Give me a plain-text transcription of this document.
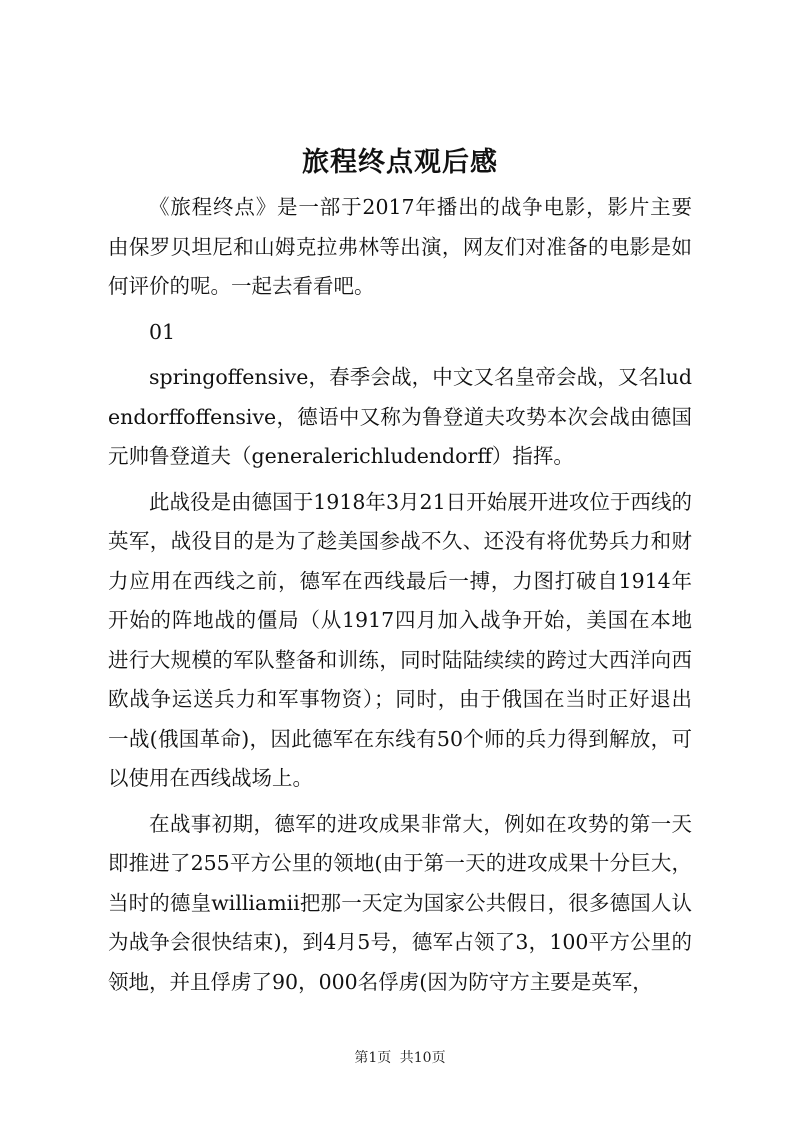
旅程终点观后感

《旅程终点》是一部于2017年播出的战争电影，影片主要由保罗贝坦尼和山姆克拉弗林等出演，网友们对准备的电影是如何评价的呢。一起去看看吧。

01

springoffensive，春季会战，中文又名皇帝会战，又名ludendorffoffensive，德语中又称为鲁登道夫攻势本次会战由德国元帅鲁登道夫（generalerichludendorff）指挥。

此战役是由德国于1918年3月21日开始展开进攻位于西线的英军，战役目的是为了趁美国参战不久、还没有将优势兵力和财力应用在西线之前，德军在西线最后一搏，力图打破自1914年开始的阵地战的僵局（从1917四月加入战争开始，美国在本地进行大规模的军队整备和训练，同时陆陆续续的跨过大西洋向西欧战争运送兵力和军事物资）；同时，由于俄国在当时正好退出一战(俄国革命)，因此德军在东线有50个师的兵力得到解放，可以使用在西线战场上。

在战事初期，德军的进攻成果非常大，例如在攻势的第一天即推进了255平方公里的领地(由于第一天的进攻成果十分巨大，当时的德皇williamii把那一天定为国家公共假日，很多德国人认为战争会很快结束)，到4月5号，德军占领了3，100平方公里的领地，并且俘虏了90，000名俘虏(因为防守方主要是英军，

第1页 共10页
